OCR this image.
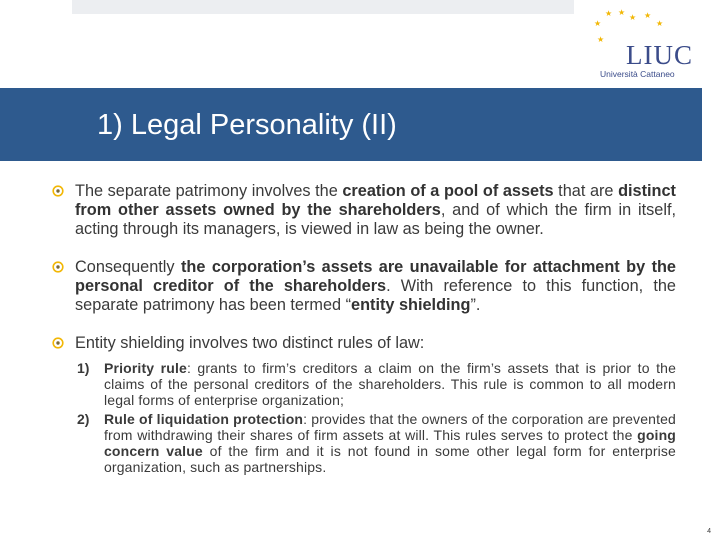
★
★
★ ★
★ ★
★
LIUC
Università Cattaneo
1) Legal Personality (II)

The separate patrimony involves the creation of a pool of assets that are distinct from other assets owned by the shareholders, and of which the firm in itself, acting through its managers, is viewed in law as being the owner.

Consequently the corporation’s assets are unavailable for attachment by the personal creditor of the shareholders. With reference to this function, the separate patrimony has been termed “entity shielding”.

Entity shielding involves two distinct rules of law:

1) Priority rule: grants to firm’s creditors a claim on the firm’s assets that is prior to the claims of the personal creditors of the shareholders. This rule is common to all modern legal forms of enterprise organization;

2) Rule of liquidation protection: provides that the owners of the corporation are prevented from withdrawing their shares of firm assets at will. This rules serves to protect the going concern value of the firm and it is not found in some other legal form for enterprise organization, such as partnerships.

4
